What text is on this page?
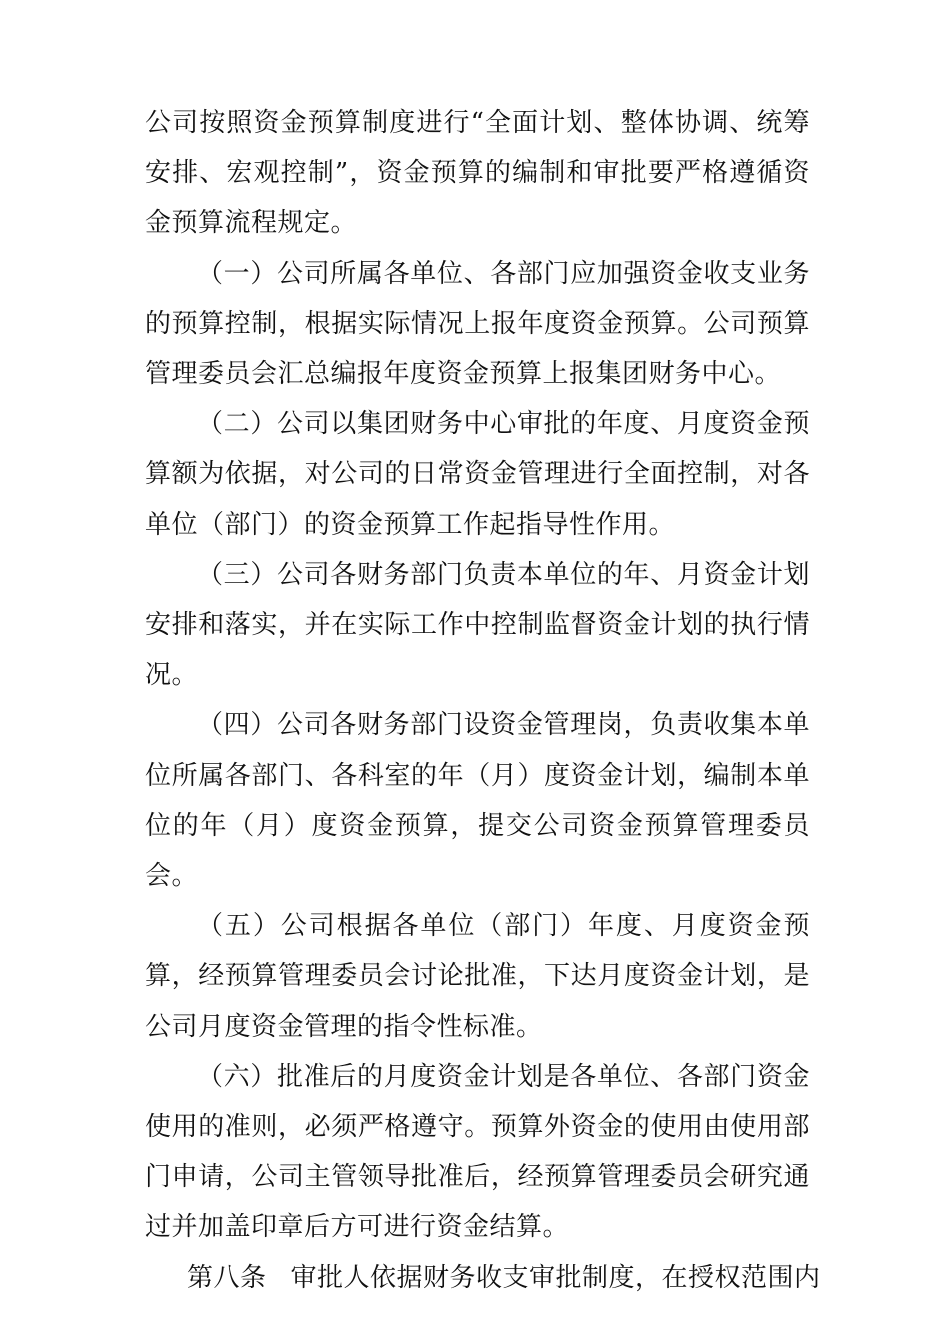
公司按照资金预算制度进行“全面计划、整体协调、统筹安排、宏观控制”，资金预算的编制和审批要严格遵循资金预算流程规定。

（一）公司所属各单位、各部门应加强资金收支业务的预算控制，根据实际情况上报年度资金预算。公司预算管理委员会汇总编报年度资金预算上报集团财务中心。

（二）公司以集团财务中心审批的年度、月度资金预算额为依据，对公司的日常资金管理进行全面控制，对各单位（部门）的资金预算工作起指导性作用。

（三）公司各财务部门负责本单位的年、月资金计划安排和落实，并在实际工作中控制监督资金计划的执行情况。

（四）公司各财务部门设资金管理岗，负责收集本单位所属各部门、各科室的年（月）度资金计划，编制本单位的年（月）度资金预算，提交公司资金预算管理委员会。

（五）公司根据各单位（部门）年度、月度资金预算，经预算管理委员会讨论批准，下达月度资金计划，是公司月度资金管理的指令性标准。

（六）批准后的月度资金计划是各单位、各部门资金使用的准则，必须严格遵守。预算外资金的使用由使用部门申请，公司主管领导批准后，经预算管理委员会研究通过并加盖印章后方可进行资金结算。

第八条 审批人依据财务收支审批制度，在授权范围内
